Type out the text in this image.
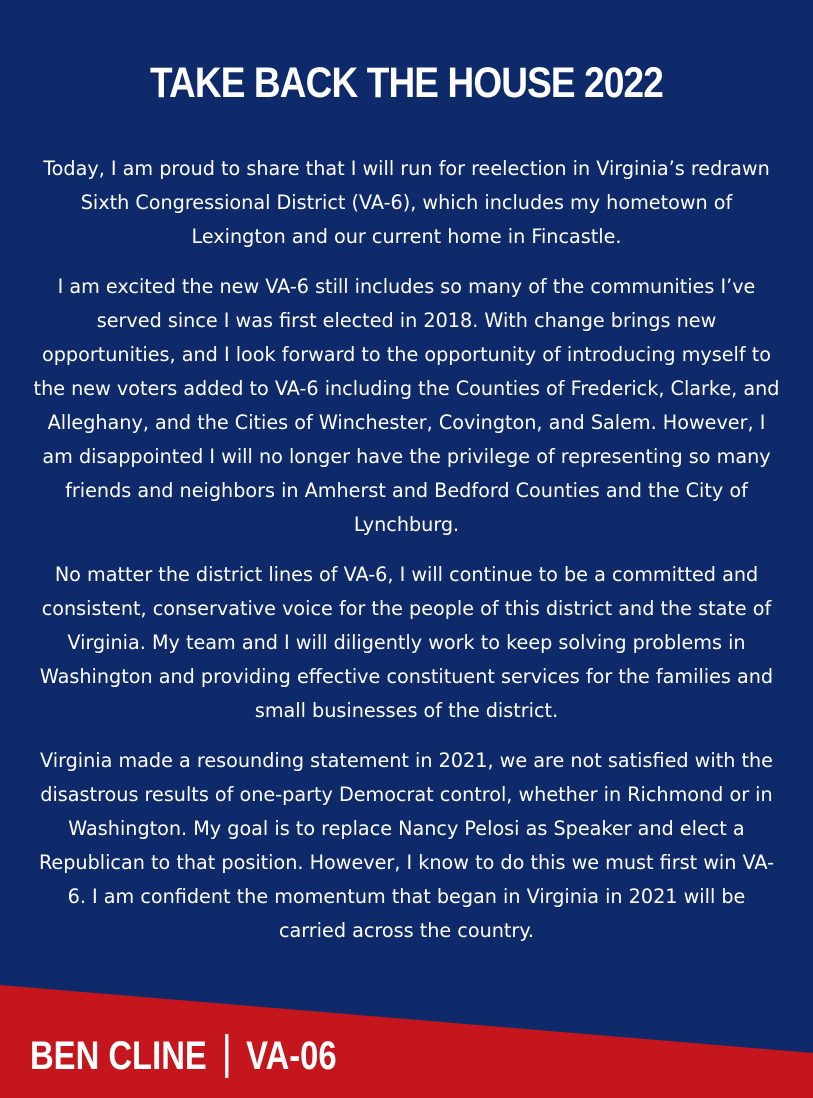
TAKE BACK THE HOUSE 2022

Today, I am proud to share that I will run for reelection in Virginia’s redrawn Sixth Congressional District (VA-6), which includes my hometown of Lexington and our current home in Fincastle.

I am excited the new VA-6 still includes so many of the communities I’ve served since I was first elected in 2018. With change brings new opportunities, and I look forward to the opportunity of introducing myself to the new voters added to VA-6 including the Counties of Frederick, Clarke, and Alleghany, and the Cities of Winchester, Covington, and Salem. However, I am disappointed I will no longer have the privilege of representing so many friends and neighbors in Amherst and Bedford Counties and the City of Lynchburg.

No matter the district lines of VA-6, I will continue to be a committed and consistent, conservative voice for the people of this district and the state of Virginia. My team and I will diligently work to keep solving problems in Washington and providing effective constituent services for the families and small businesses of the district.

Virginia made a resounding statement in 2021, we are not satisfied with the disastrous results of one-party Democrat control, whether in Richmond or in Washington. My goal is to replace Nancy Pelosi as Speaker and elect a Republican to that position. However, I know to do this we must first win VA-6. I am confident the momentum that began in Virginia in 2021 will be carried across the country.

BEN CLINE VA-06
